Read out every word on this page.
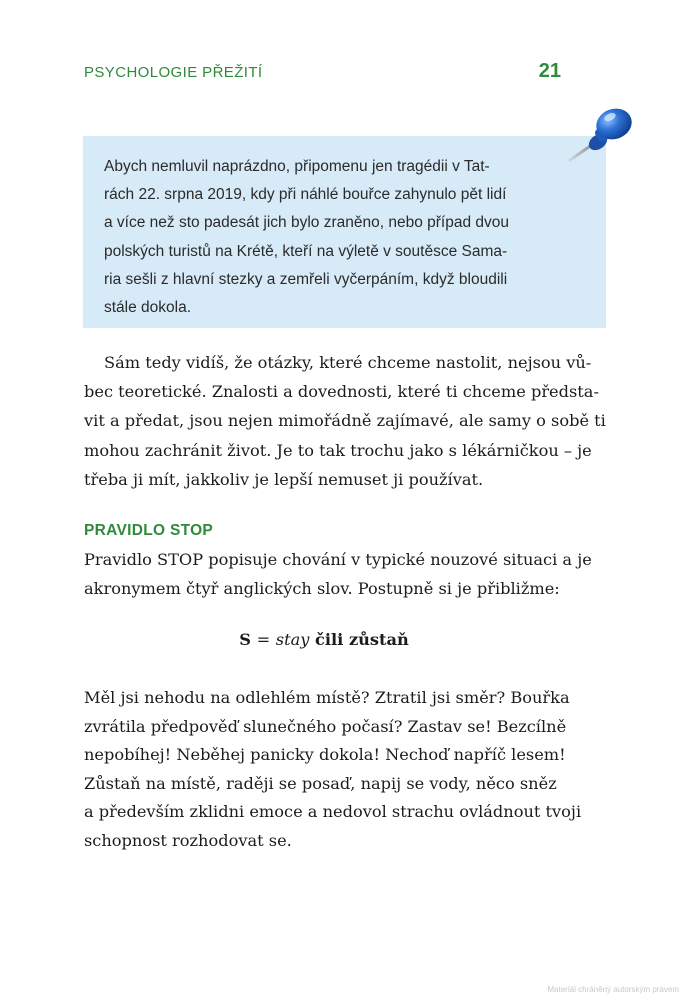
PSYCHOLOGIE PŘEŽITÍ	21
Abych nemluvil naprázdno, připomenu jen tragédii v Tat-
rách 22. srpna 2019, kdy při náhlé bouřce zahynulo pět lidí
a více než sto padesát jich bylo zraněno, nebo případ dvou
polských turistů na Krétě, kteří na výletě v soutěsce Sama-
ria sešli z hlavní stezky a zemřeli vyčerpáním, když bloudili
stále dokola.
Sám tedy vidíš, že otázky, které chceme nastolit, nejsou vů-
bec teoretické. Znalosti a dovednosti, které ti chceme předsta-
vit a předat, jsou nejen mimořádně zajímavé, ale samy o sobě ti
mohou zachránit život. Je to tak trochu jako s lékárničkou – je
třeba ji mít, jakkoliv je lepší nemuset ji používat.
PRAVIDLO STOP
Pravidlo STOP popisuje chování v typické nouzové situaci a je
akronymem čtyř anglických slov. Postupně si je přibližme:
S = stay čili zůstaň
Měl jsi nehodu na odlehlém místě? Ztratil jsi směr? Bouřka
zvrátila předpověď slunečného počasí? Zastav se! Bezcílně
nepobíhej! Neběhej panicky dokola! Nechoď napříč lesem!
Zůstaň na místě, raději se posaď, napij se vody, něco sněz
a především zklidni emoce a nedovol strachu ovládnout tvoji
schopnost rozhodovat se.
Materiál chráněný autorským právem
